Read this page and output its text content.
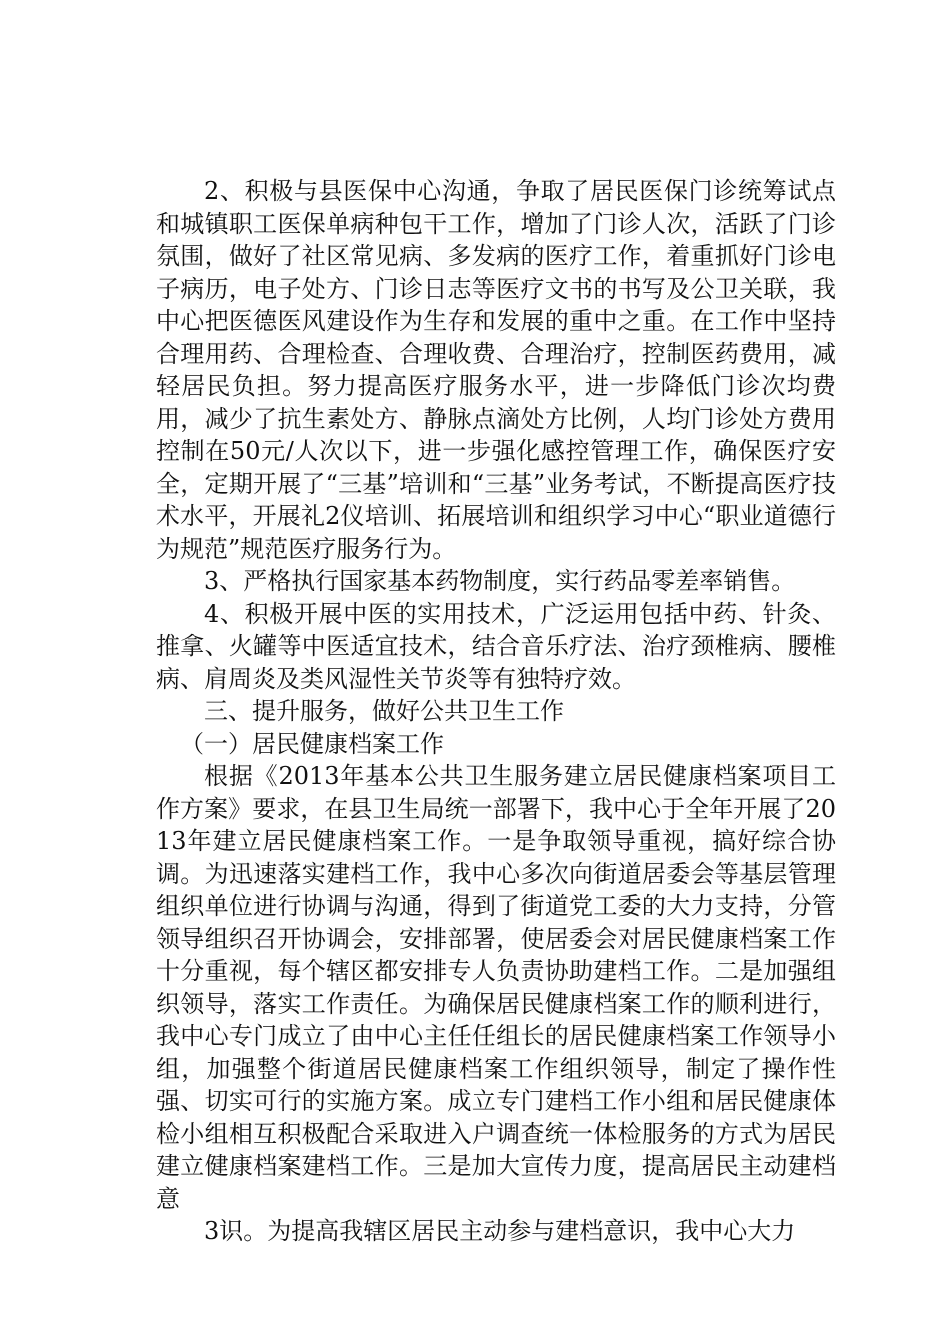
2、积极与县医保中心沟通，争取了居民医保门诊统筹试点和城镇职工医保单病种包干工作，增加了门诊人次，活跃了门诊氛围，做好了社区常见病、多发病的医疗工作，着重抓好门诊电子病历，电子处方、门诊日志等医疗文书的书写及公卫关联，我中心把医德医风建设作为生存和发展的重中之重。在工作中坚持合理用药、合理检查、合理收费、合理治疗，控制医药费用，减轻居民负担。努力提高医疗服务水平，进一步降低门诊次均费用，减少了抗生素处方、静脉点滴处方比例，人均门诊处方费用控制在50元/人次以下，进一步强化感控管理工作，确保医疗安全，定期开展了“三基”培训和“三基”业务考试，不断提高医疗技术水平，开展礼2仪培训、拓展培训和组织学习中心“职业道德行为规范”规范医疗服务行为。

3、严格执行国家基本药物制度，实行药品零差率销售。

4、积极开展中医的实用技术，广泛运用包括中药、针灸、推拿、火罐等中医适宜技术，结合音乐疗法、治疗颈椎病、腰椎病、肩周炎及类风湿性关节炎等有独特疗效。

三、提升服务，做好公共卫生工作

（一）居民健康档案工作

根据《2013年基本公共卫生服务建立居民健康档案项目工作方案》要求，在县卫生局统一部署下，我中心于全年开展了2013年建立居民健康档案工作。一是争取领导重视，搞好综合协调。为迅速落实建档工作，我中心多次向街道居委会等基层管理组织单位进行协调与沟通，得到了街道党工委的大力支持，分管领导组织召开协调会，安排部署，使居委会对居民健康档案工作十分重视，每个辖区都安排专人负责协助建档工作。二是加强组织领导，落实工作责任。为确保居民健康档案工作的顺利进行，我中心专门成立了由中心主任任组长的居民健康档案工作领导小组，加强整个街道居民健康档案工作组织领导，制定了操作性强、切实可行的实施方案。成立专门建档工作小组和居民健康体检小组相互积极配合采取进入户调查统一体检服务的方式为居民建立健康档案建档工作。三是加大宣传力度，提高居民主动建档意

3识。为提高我辖区居民主动参与建档意识，我中心大力
